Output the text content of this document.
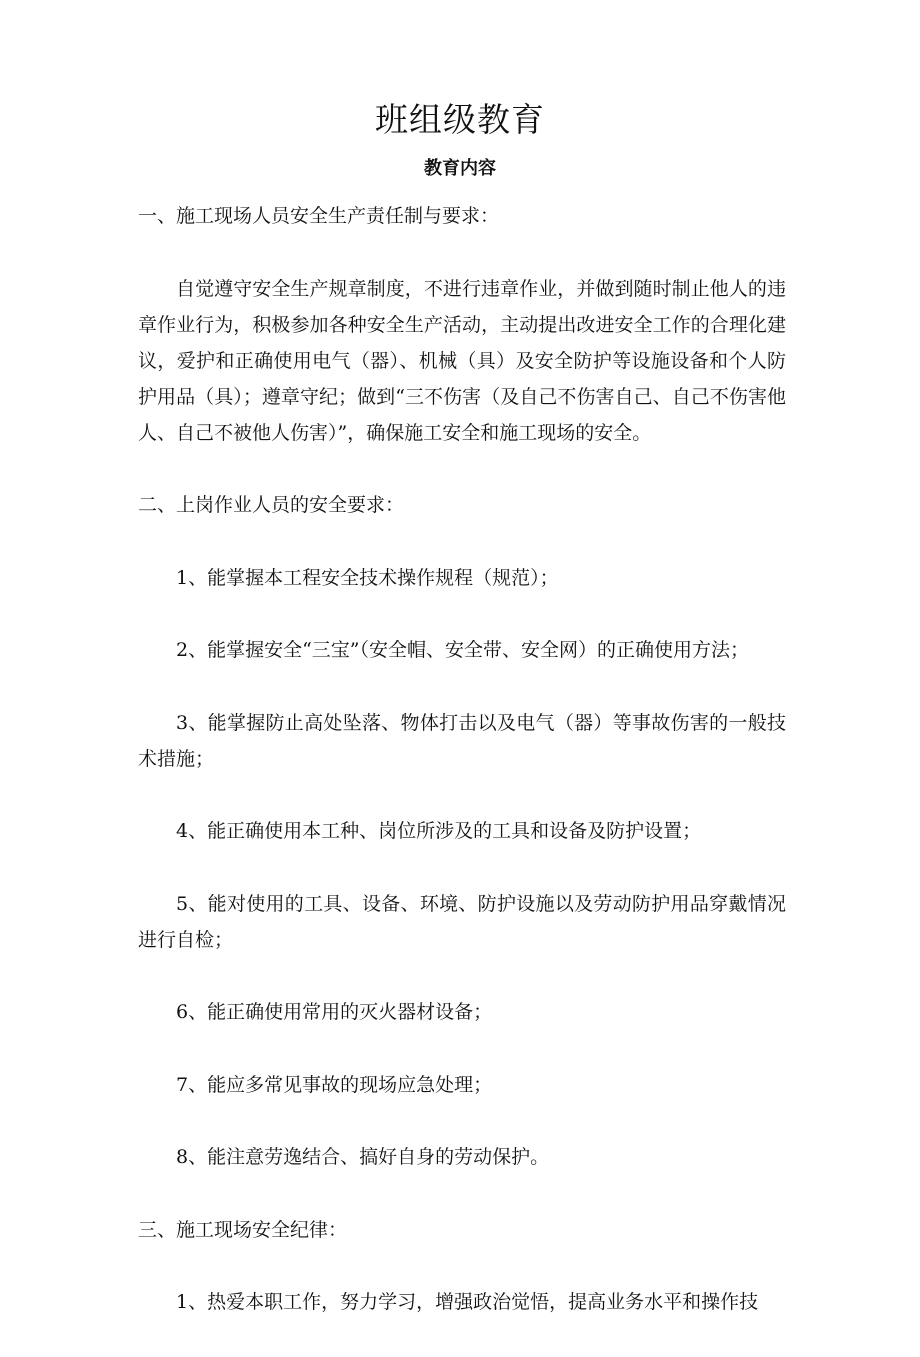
班组级教育
教育内容

一、施工现场人员安全生产责任制与要求：

自觉遵守安全生产规章制度，不进行违章作业，并做到随时制止他人的违章作业行为，积极参加各种安全生产活动，主动提出改进安全工作的合理化建议，爱护和正确使用电气（器）、机械（具）及安全防护等设施设备和个人防护用品（具）；遵章守纪；做到“三不伤害（及自己不伤害自己、自己不伤害他人、自己不被他人伤害）”，确保施工安全和施工现场的安全。

二、上岗作业人员的安全要求：

1、能掌握本工程安全技术操作规程（规范）；

2、能掌握安全“三宝”（安全帽、安全带、安全网）的正确使用方法；

3、能掌握防止高处坠落、物体打击以及电气（器）等事故伤害的一般技术措施；

4、能正确使用本工种、岗位所涉及的工具和设备及防护设置；

5、能对使用的工具、设备、环境、防护设施以及劳动防护用品穿戴情况进行自检；

6、能正确使用常用的灭火器材设备；

7、能应多常见事故的现场应急处理；

8、能注意劳逸结合、搞好自身的劳动保护。

三、施工现场安全纪律：

1、热爱本职工作，努力学习，增强政治觉悟，提高业务水平和操作技
